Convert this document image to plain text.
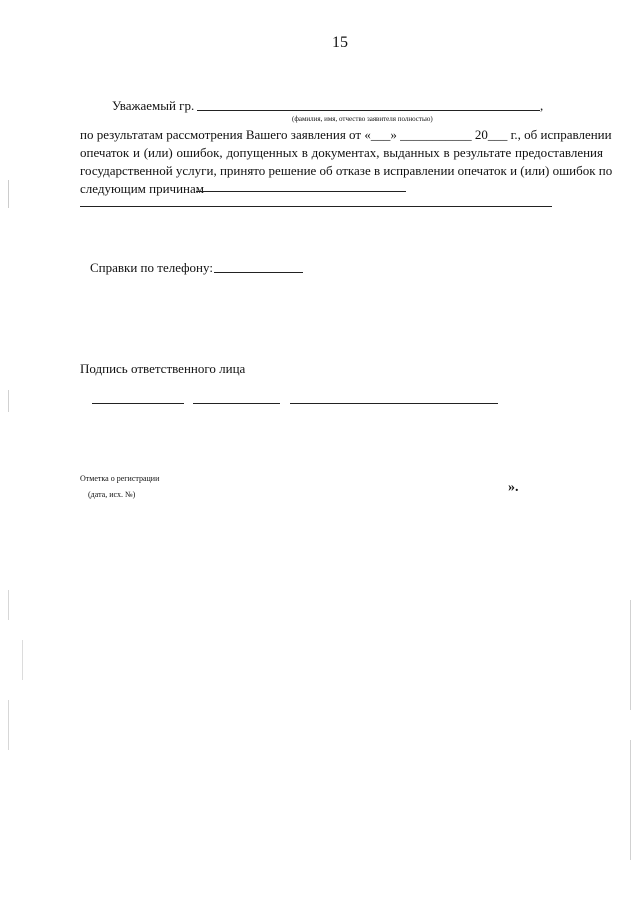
15
Уважаемый гр.	,
(фамилия, имя, отчество заявителя полностью)
по результатам рассмотрения Вашего заявления от «___» ___________ 20___ г., об исправлении
опечаток и (или) ошибок, допущенных в документах, выданных в результате предоставления
государственной услуги, принято решение об отказе в исправлении опечаток и (или) ошибок по
следующим причинам
Справки по телефону:
Подпись ответственного лица
Отметка о регистрации
(дата, исх. №)	».
